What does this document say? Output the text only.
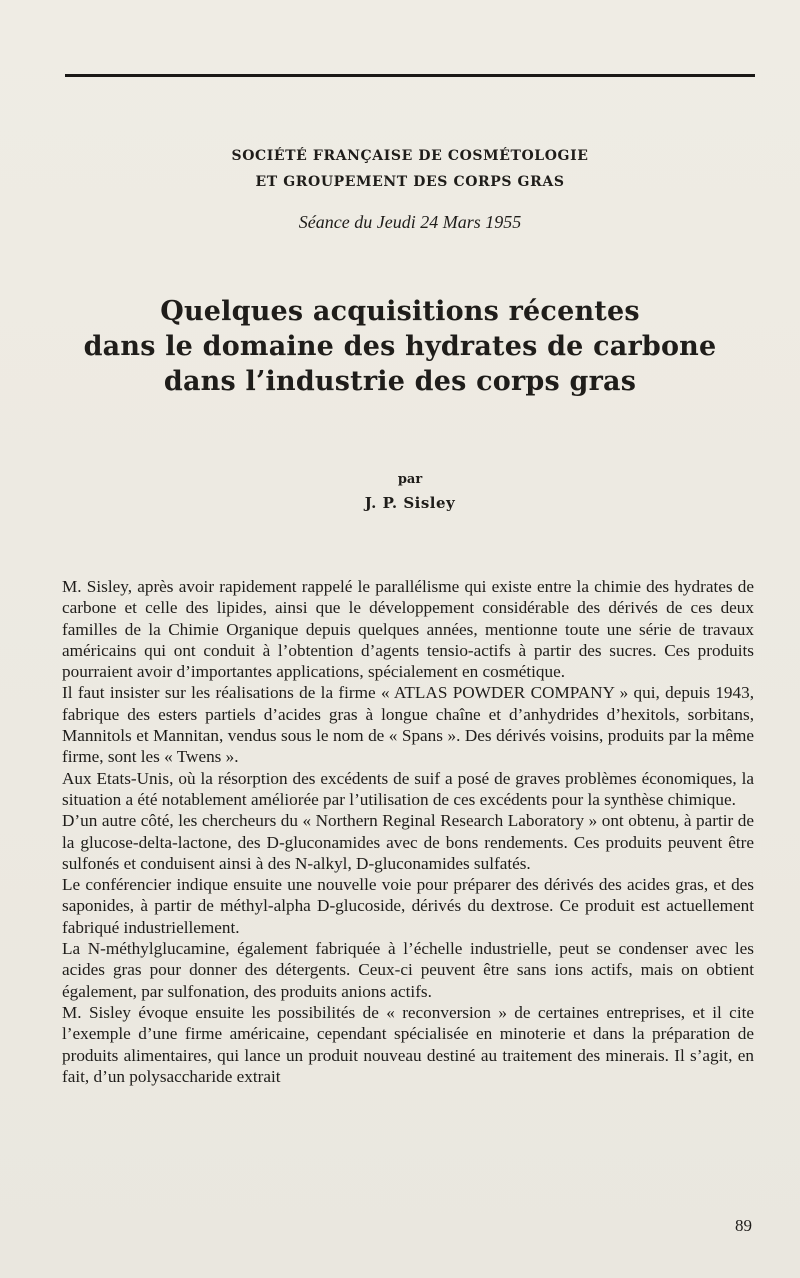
SOCIÉTÉ FRANÇAISE DE COSMÉTOLOGIE
ET GROUPEMENT DES CORPS GRAS
Séance du Jeudi 24 Mars 1955
Quelques acquisitions récentes
dans le domaine des hydrates de carbone
dans l’industrie des corps gras
par
J. P. Sisley

M. Sisley, après avoir rapidement rappelé le parallélisme qui existe entre la chimie des hydrates de carbone et celle des lipides, ainsi que le développement considérable des dérivés de ces deux familles de la Chimie Organique depuis quelques années, mentionne toute une série de travaux américains qui ont conduit à l’obtention d’agents tensio-actifs à partir des sucres. Ces produits pourraient avoir d’importantes applications, spécialement en cosmétique.

Il faut insister sur les réalisations de la firme « ATLAS POWDER COMPANY » qui, depuis 1943, fabrique des esters partiels d’acides gras à longue chaîne et d’anhydrides d’hexitols, sorbitans, Mannitols et Mannitan, vendus sous le nom de « Spans ». Des dérivés voisins, produits par la même firme, sont les « Twens ».

Aux Etats-Unis, où la résorption des excédents de suif a posé de graves problèmes économiques, la situation a été notablement améliorée par l’utilisation de ces excédents pour la synthèse chimique.

D’un autre côté, les chercheurs du « Northern Reginal Research Laboratory » ont obtenu, à partir de la glucose-delta-lactone, des D-gluconamides avec de bons rendements. Ces produits peuvent être sulfonés et conduisent ainsi à des N-alkyl, D-gluconamides sulfatés.

Le conférencier indique ensuite une nouvelle voie pour préparer des dérivés des acides gras, et des saponides, à partir de méthyl-alpha D-glucoside, dérivés du dextrose. Ce produit est actuellement fabriqué industriellement.

La N-méthylglucamine, également fabriquée à l’échelle industrielle, peut se condenser avec les acides gras pour donner des détergents. Ceux-ci peuvent être sans ions actifs, mais on obtient également, par sulfonation, des produits anions actifs.

M. Sisley évoque ensuite les possibilités de « reconversion » de certaines entreprises, et il cite l’exemple d’une firme américaine, cependant spécialisée en minoterie et dans la préparation de produits alimentaires, qui lance un produit nouveau destiné au traitement des minerais. Il s’agit, en fait, d’un polysaccharide extrait

89
